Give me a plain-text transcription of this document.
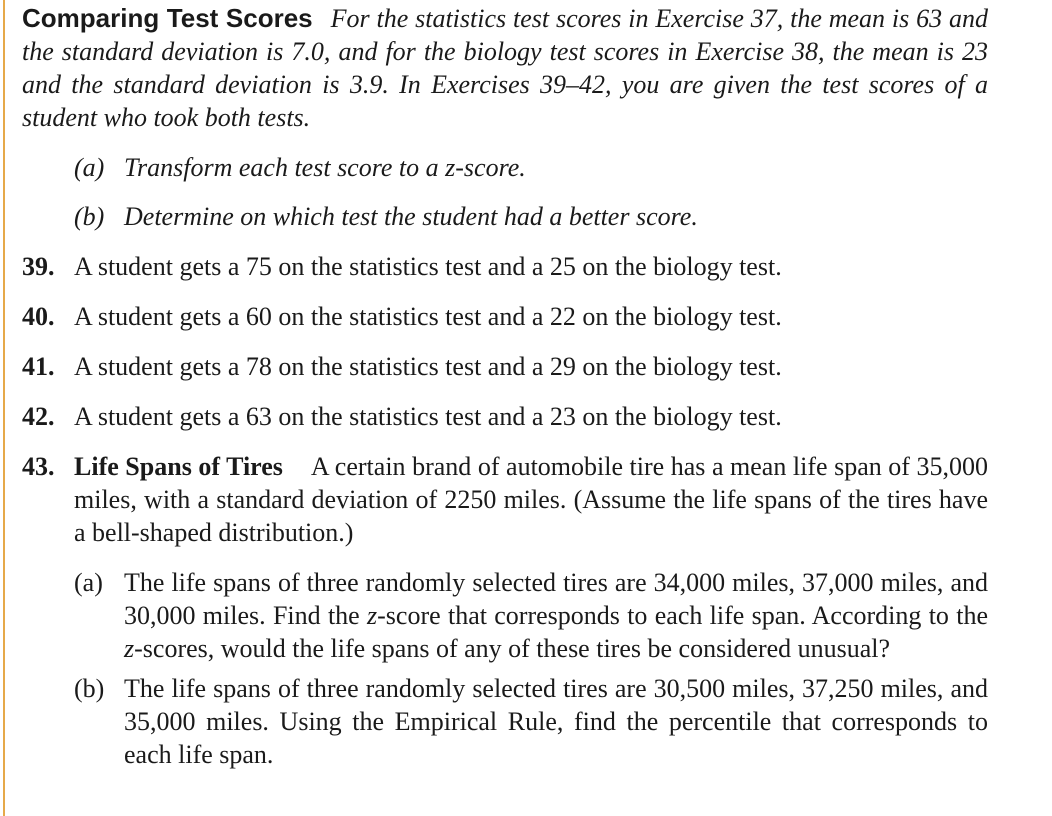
Comparing Test Scores For the statistics test scores in Exercise 37, the mean is 63 and the standard deviation is 7.0, and for the biology test scores in Exercise 38, the mean is 23 and the standard deviation is 3.9. In Exercises 39–42, you are given the test scores of a student who took both tests.

(a) Transform each test score to a z-score.
(b) Determine on which test the student had a better score.
39. A student gets a 75 on the statistics test and a 25 on the biology test.
40. A student gets a 60 on the statistics test and a 22 on the biology test.
41. A student gets a 78 on the statistics test and a 29 on the biology test.
42. A student gets a 63 on the statistics test and a 23 on the biology test.
43. Life Spans of Tires A certain brand of automobile tire has a mean life span of 35,000 miles, with a standard deviation of 2250 miles. (Assume the life spans of the tires have a bell-shaped distribution.)
(a) The life spans of three randomly selected tires are 34,000 miles, 37,000 miles, and 30,000 miles. Find the z-score that corresponds to each life span. According to the z-scores, would the life spans of any of these tires be considered unusual?
(b) The life spans of three randomly selected tires are 30,500 miles, 37,250 miles, and 35,000 miles. Using the Empirical Rule, find the percentile that corresponds to each life span.
